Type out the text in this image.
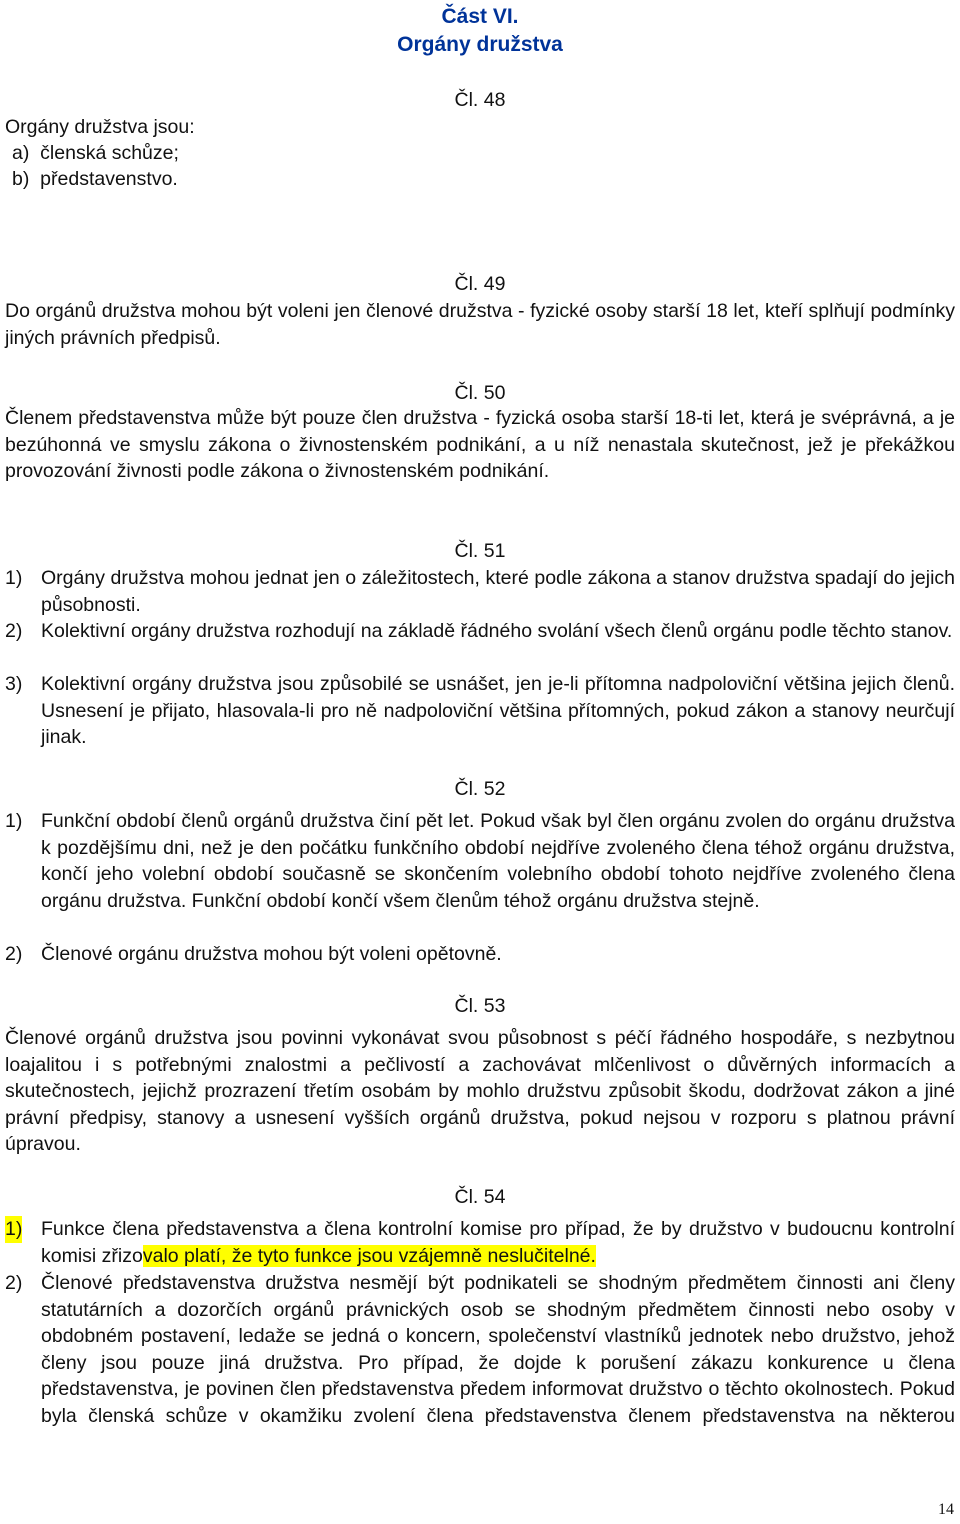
Část VI.
Orgány družstva
Čl. 48
Orgány družstva jsou:
a)  členská schůze;
b)  představenstvo.
Čl. 49
Do orgánů družstva mohou být voleni jen členové družstva - fyzické osoby starší 18 let, kteří splňují podmínky jiných právních předpisů.
Čl. 50
Členem představenstva může být pouze člen družstva - fyzická osoba starší 18-ti let, která je svéprávná, a je bezúhonná ve smyslu zákona o živnostenském podnikání, a u níž nenastala skutečnost, jež je překážkou provozování živnosti podle zákona o živnostenském podnikání.
Čl. 51
1) Orgány družstva mohou jednat jen o záležitostech, které podle zákona a stanov družstva spadají do jejich působnosti.
2) Kolektivní orgány družstva rozhodují na základě řádného svolání všech členů orgánu podle těchto stanov.
3) Kolektivní orgány družstva jsou způsobilé se usnášet, jen je-li přítomna nadpoloviční většina jejich členů. Usnesení je přijato, hlasovala-li pro ně nadpoloviční většina přítomných, pokud zákon a stanovy neurčují jinak.
Čl. 52
1) Funkční období členů orgánů družstva činí pět let. Pokud však byl člen orgánu zvolen do orgánu družstva k pozdějšímu dni, než je den počátku funkčního období nejdříve zvoleného člena téhož orgánu družstva, končí jeho volební období současně se skončením volebního období tohoto nejdříve zvoleného člena orgánu družstva. Funkční období končí všem členům téhož orgánu družstva stejně.
2) Členové orgánu družstva mohou být voleni opětovně.
Čl. 53
Členové orgánů družstva jsou povinni vykonávat svou působnost s péčí řádného hospodáře, s nezbytnou loajalitou i s potřebnými znalostmi a pečlivostí a zachovávat mlčenlivost o důvěrných informacích a skutečnostech, jejichž prozrazení třetím osobám by mohlo družstvu způsobit škodu, dodržovat zákon a jiné právní předpisy, stanovy a usnesení vyšších orgánů družstva, pokud nejsou v rozporu s platnou právní úpravou.
Čl. 54
1) Funkce člena představenstva a člena kontrolní komise pro případ, že by družstvo v budoucnu kontrolní komisi zřizovalo platí, že tyto funkce jsou vzájemně neslučitelné.
2) Členové představenstva družstva nesmějí být podnikateli se shodným předmětem činnosti ani členy statutárních a dozorčích orgánů právnických osob se shodným předmětem činnosti nebo osoby v obdobném postavení, ledaže se jedná o koncern, společenství vlastníků jednotek nebo družstvo, jehož členy jsou pouze jiná družstva. Pro případ, že dojde k porušení zákazu konkurence u člena představenstva, je povinen člen představenstva předem informovat družstvo o těchto okolnostech. Pokud byla členská schůze v okamžiku zvolení člena představenstva členem představenstva na některou
14
